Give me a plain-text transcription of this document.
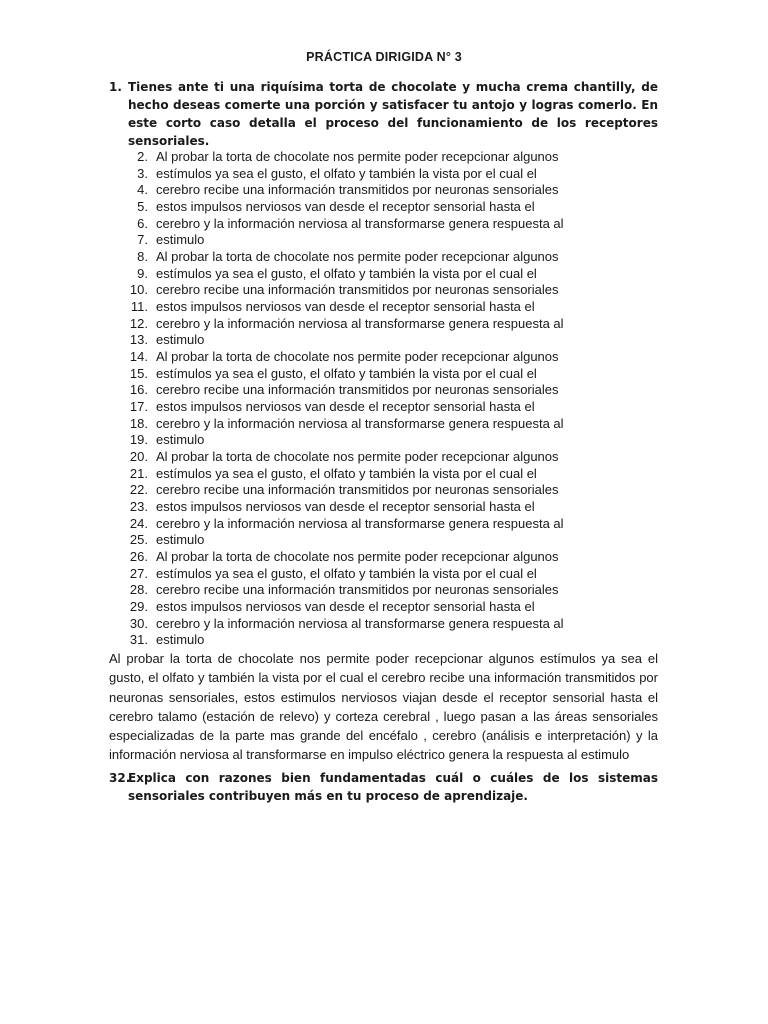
PRÁCTICA DIRIGIDA N° 3
1. Tienes ante ti una riquísima torta de chocolate y mucha crema chantilly, de hecho deseas comerte una porción y satisfacer tu antojo y logras comerlo. En este corto caso detalla el proceso del funcionamiento de los receptores sensoriales.
2. Al probar la torta de chocolate nos permite poder recepcionar algunos
3. estímulos ya sea el gusto, el olfato y también la vista por el cual el
4. cerebro recibe una información transmitidos por neuronas sensoriales
5. estos impulsos nerviosos van desde el receptor sensorial hasta el
6. cerebro y la información nerviosa al transformarse genera respuesta al
7. estimulo
8. Al probar la torta de chocolate nos permite poder recepcionar algunos
9. estímulos ya sea el gusto, el olfato y también la vista por el cual el
10. cerebro recibe una información transmitidos por neuronas sensoriales
11. estos impulsos nerviosos van desde el receptor sensorial hasta el
12. cerebro y la información nerviosa al transformarse genera respuesta al
13. estimulo
14. Al probar la torta de chocolate nos permite poder recepcionar algunos
15. estímulos ya sea el gusto, el olfato y también la vista por el cual el
16. cerebro recibe una información transmitidos por neuronas sensoriales
17. estos impulsos nerviosos van desde el receptor sensorial hasta el
18. cerebro y la información nerviosa al transformarse genera respuesta al
19. estimulo
20. Al probar la torta de chocolate nos permite poder recepcionar algunos
21. estímulos ya sea el gusto, el olfato y también la vista por el cual el
22. cerebro recibe una información transmitidos por neuronas sensoriales
23. estos impulsos nerviosos van desde el receptor sensorial hasta el
24. cerebro y la información nerviosa al transformarse genera respuesta al
25. estimulo
26. Al probar la torta de chocolate nos permite poder recepcionar algunos
27. estímulos ya sea el gusto, el olfato y también la vista por el cual el
28. cerebro recibe una información transmitidos por neuronas sensoriales
29. estos impulsos nerviosos van desde el receptor sensorial hasta el
30. cerebro y la información nerviosa al transformarse genera respuesta al
31. estimulo

Al probar la torta de chocolate nos permite poder recepcionar algunos estímulos ya sea el gusto, el olfato y también la vista por el cual el cerebro recibe una información transmitidos por neuronas sensoriales, estos estimulos nerviosos viajan desde el receptor sensorial hasta el cerebro talamo (estación de relevo) y corteza cerebral , luego pasan a las áreas sensoriales especializadas de la parte mas grande del encéfalo , cerebro (análisis e interpretación) y la información nerviosa al transformarse en impulso eléctrico genera la respuesta al estimulo

32.
Explica con razones bien fundamentadas cuál o cuáles de los sistemas sensoriales contribuyen más en tu proceso de aprendizaje.
